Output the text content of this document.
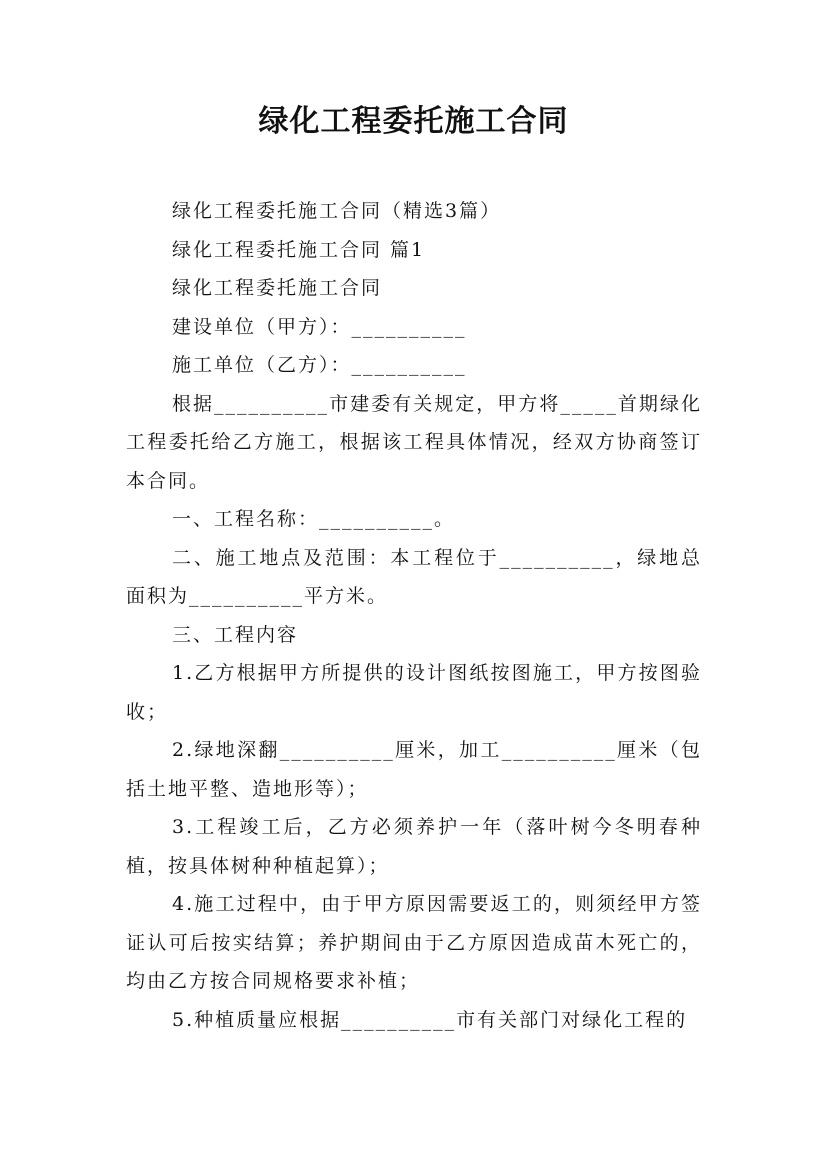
绿化工程委托施工合同

绿化工程委托施工合同（精选3篇）

绿化工程委托施工合同 篇1

绿化工程委托施工合同

建设单位（甲方）：__________

施工单位（乙方）：__________

根据__________市建委有关规定，甲方将_____首期绿化工程委托给乙方施工，根据该工程具体情况，经双方协商签订本合同。

一、工程名称：__________。

二、施工地点及范围：本工程位于__________，绿地总面积为__________平方米。

三、工程内容

1.乙方根据甲方所提供的设计图纸按图施工，甲方按图验收；

2.绿地深翻__________厘米，加工__________厘米（包括土地平整、造地形等）；

3.工程竣工后，乙方必须养护一年（落叶树今冬明春种植，按具体树种种植起算）；

4.施工过程中，由于甲方原因需要返工的，则须经甲方签证认可后按实结算；养护期间由于乙方原因造成苗木死亡的，均由乙方按合同规格要求补植；

5.种植质量应根据__________市有关部门对绿化工程的
